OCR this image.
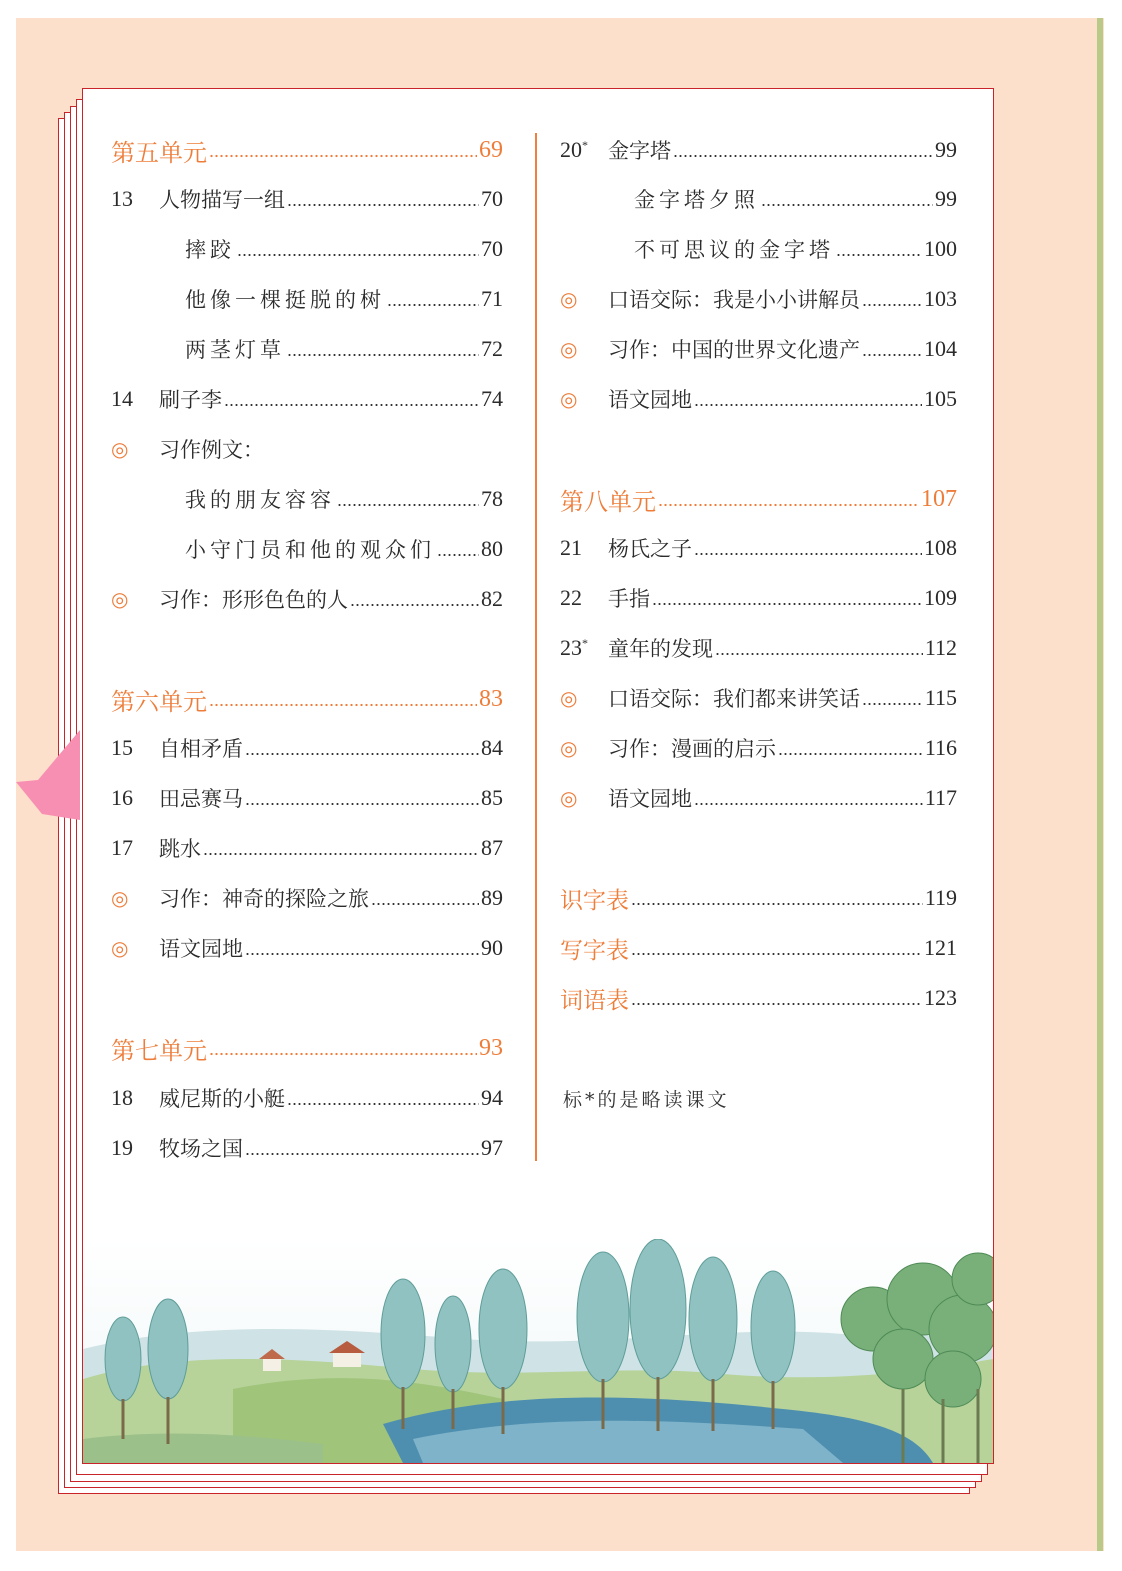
第五单元	69
13	人物描写一组	70
摔跤	70
他像一棵挺脱的树	71
两茎灯草	72
14	刷子李	74
◎	习作例文：
我的朋友容容	78
小守门员和他的观众们 80
◎	习作：形形色色的人	82
第六单元	83
15	自相矛盾	84
16	田忌赛马	85
17	跳水	87
◎	习作：神奇的探险之旅	89
◎	语文园地	90
第七单元	93
18	威尼斯的小艇	94
19	牧场之国	97
20* 金字塔	99
金字塔夕照	99
不可思议的金字塔	100
◎	口语交际：我是小小讲解员	103
◎	习作：中国的世界文化遗产	104
◎	语文园地	105
第八单元	107
21	杨氏之子	108
22	手指	109
23* 童年的发现	112
◎	口语交际：我们都来讲笑话	115
◎	习作：漫画的启示	116
◎	语文园地	117
识字表	119
写字表	121
词语表	123
标*的是略读课文
